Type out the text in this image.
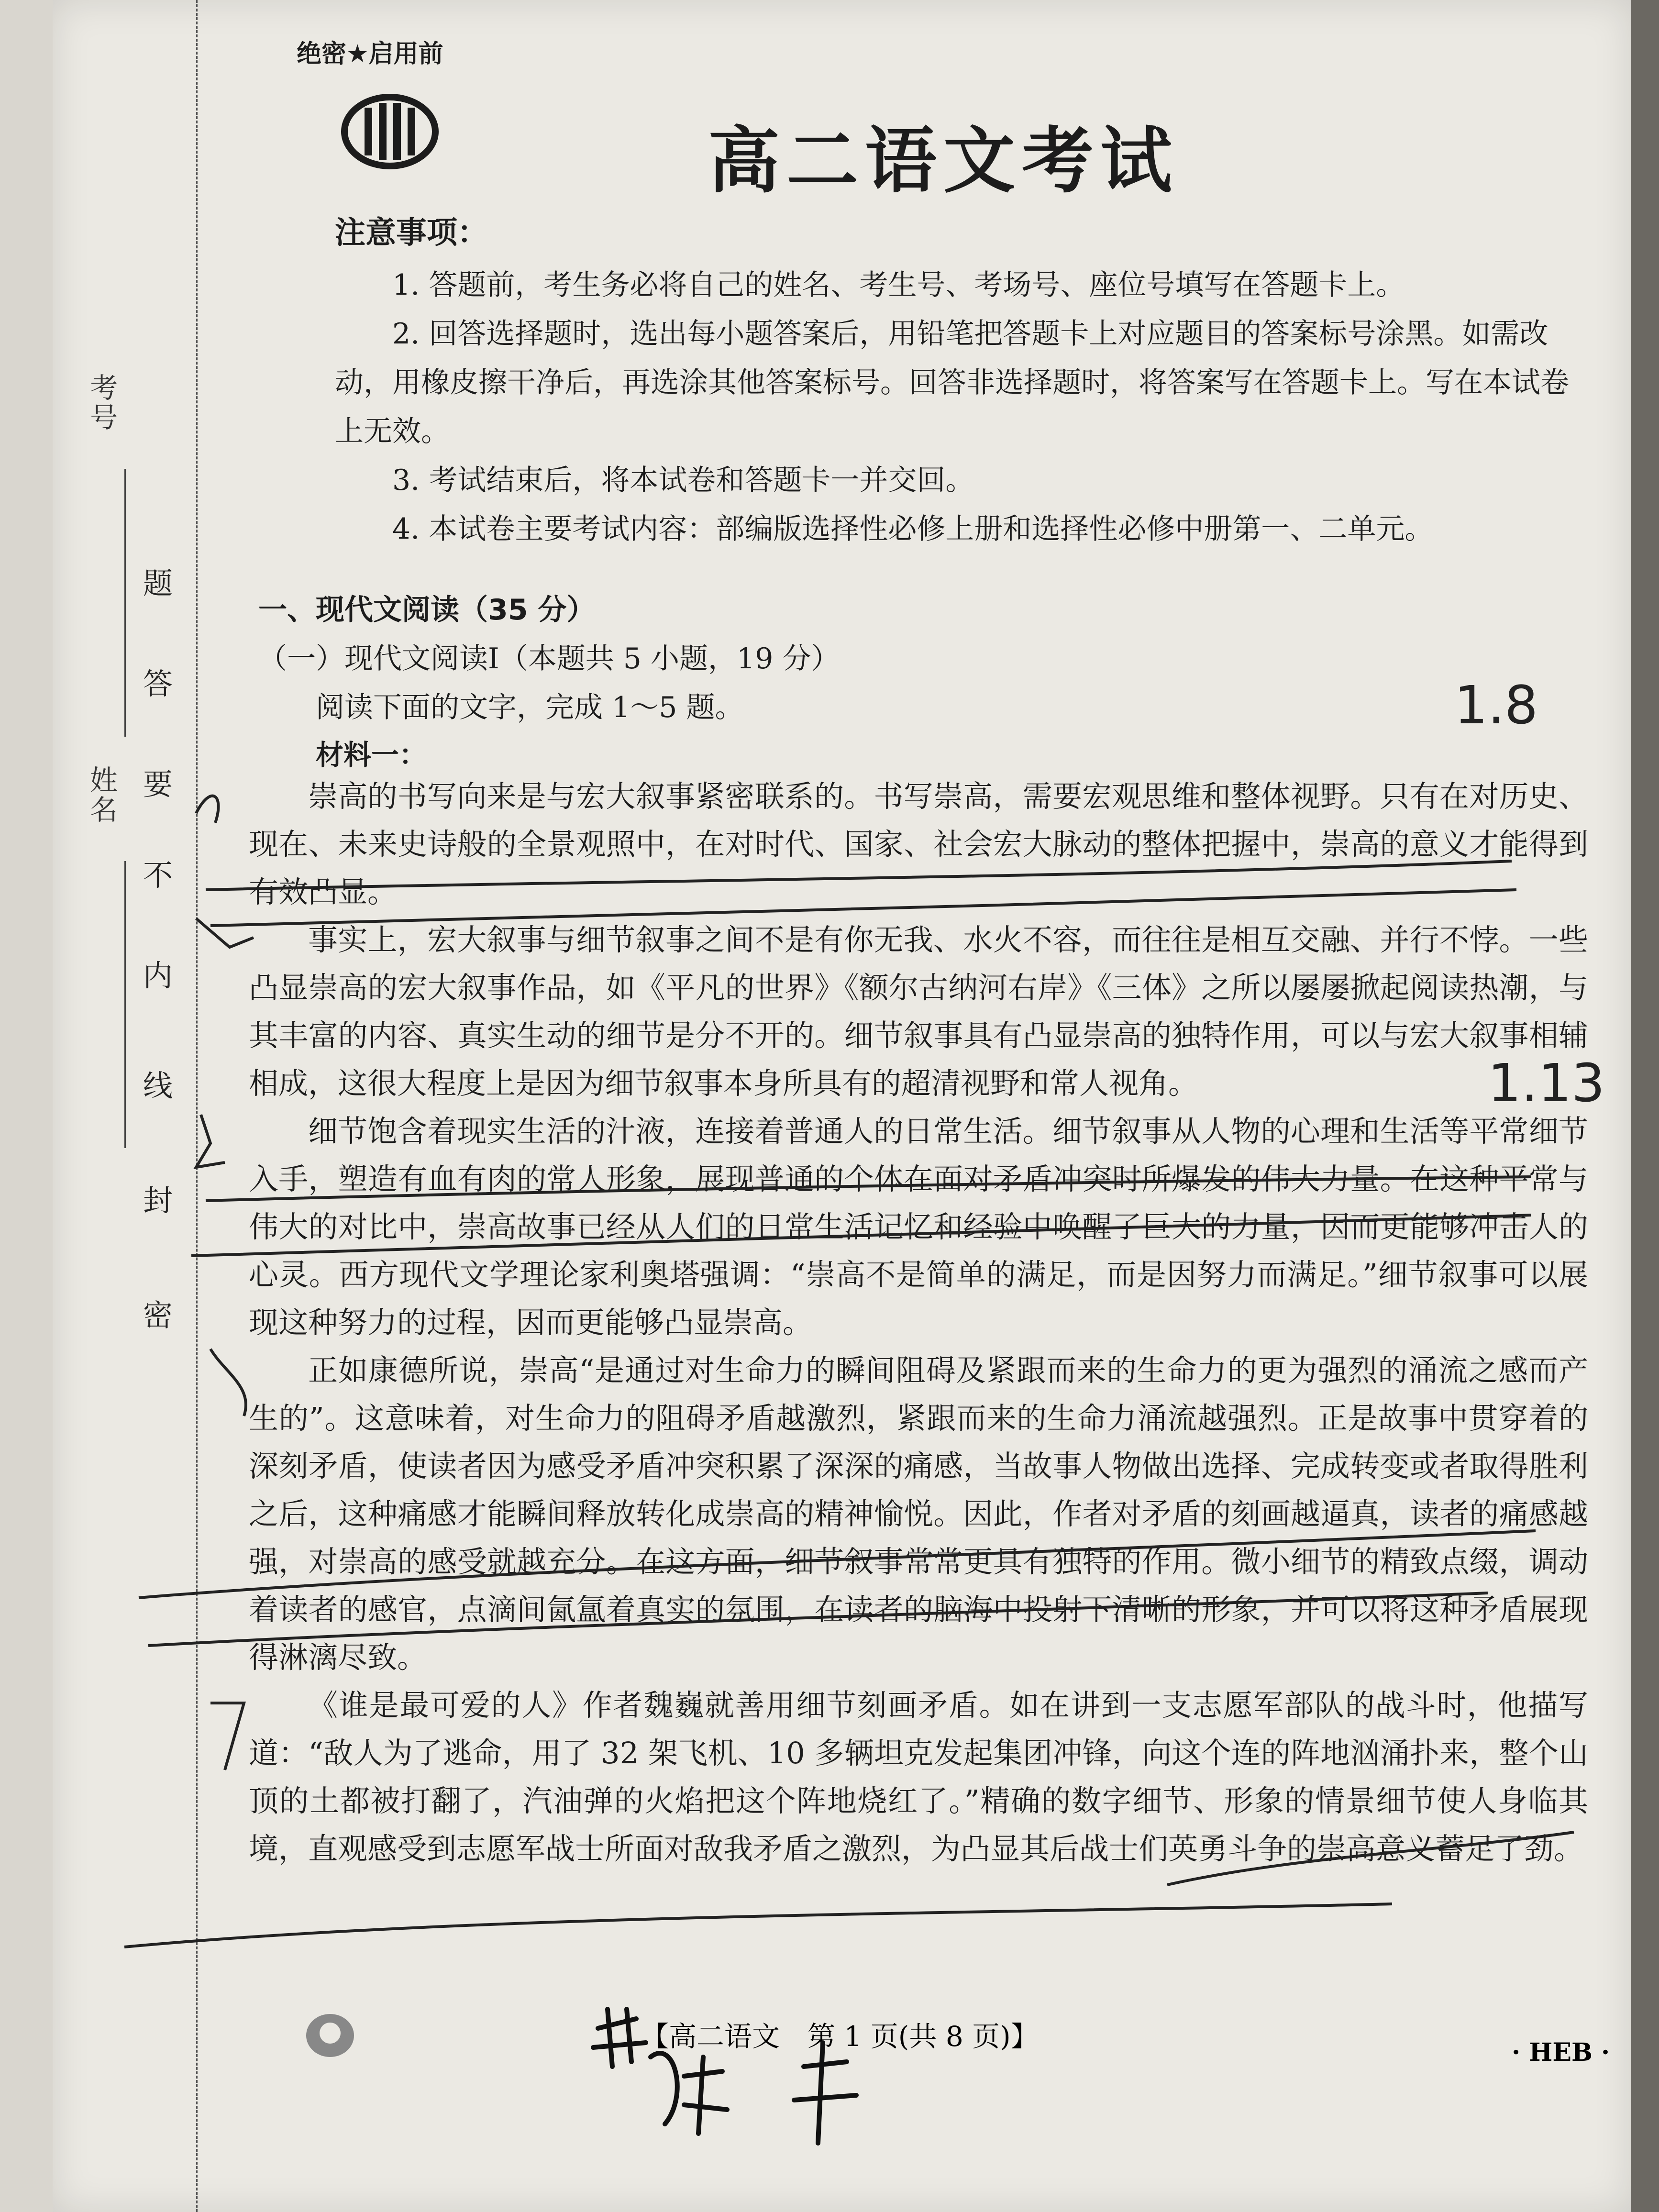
考号
姓名
密
封
线
内
不
要
答
题
绝密★启用前
高二语文考试
注意事项：

1. 答题前，考生务必将自己的姓名、考生号、考场号、座位号填写在答题卡上。

2. 回答选择题时，选出每小题答案后，用铅笔把答题卡上对应题目的答案标号涂黑。如需改动，用橡皮擦干净后，再选涂其他答案标号。回答非选择题时，将答案写在答题卡上。写在本试卷上无效。

3. 考试结束后，将本试卷和答题卡一并交回。

4. 本试卷主要考试内容：部编版选择性必修上册和选择性必修中册第一、二单元。

一、现代文阅读（35 分）
（一）现代文阅读Ⅰ（本题共 5 小题，19 分）
阅读下面的文字，完成 1～5 题。
材料一：

崇高的书写向来是与宏大叙事紧密联系的。书写崇高，需要宏观思维和整体视野。只有在对历史、现在、未来史诗般的全景观照中，在对时代、国家、社会宏大脉动的整体把握中，崇高的意义才能得到有效凸显。

事实上，宏大叙事与细节叙事之间不是有你无我、水火不容，而往往是相互交融、并行不悖。一些凸显崇高的宏大叙事作品，如《平凡的世界》《额尔古纳河右岸》《三体》之所以屡屡掀起阅读热潮，与其丰富的内容、真实生动的细节是分不开的。细节叙事具有凸显崇高的独特作用，可以与宏大叙事相辅相成，这很大程度上是因为细节叙事本身所具有的超清视野和常人视角。

细节饱含着现实生活的汁液，连接着普通人的日常生活。细节叙事从人物的心理和生活等平常细节入手，塑造有血有肉的常人形象，展现普通的个体在面对矛盾冲突时所爆发的伟大力量。在这种平常与伟大的对比中，崇高故事已经从人们的日常生活记忆和经验中唤醒了巨大的力量，因而更能够冲击人的心灵。西方现代文学理论家利奥塔强调：“崇高不是简单的满足，而是因努力而满足。”细节叙事可以展现这种努力的过程，因而更能够凸显崇高。

正如康德所说，崇高“是通过对生命力的瞬间阻碍及紧跟而来的生命力的更为强烈的涌流之感而产生的”。这意味着，对生命力的阻碍矛盾越激烈，紧跟而来的生命力涌流越强烈。正是故事中贯穿着的深刻矛盾，使读者因为感受矛盾冲突积累了深深的痛感，当故事人物做出选择、完成转变或者取得胜利之后，这种痛感才能瞬间释放转化成崇高的精神愉悦。因此，作者对矛盾的刻画越逼真，读者的痛感越强，对崇高的感受就越充分。在这方面，细节叙事常常更具有独特的作用。微小细节的精致点缀，调动着读者的感官，点滴间氤氲着真实的氛围，在读者的脑海中投射下清晰的形象，并可以将这种矛盾展现得淋漓尽致。

《谁是最可爱的人》作者魏巍就善用细节刻画矛盾。如在讲到一支志愿军部队的战斗时，他描写道：“敌人为了逃命，用了 32 架飞机、10 多辆坦克发起集团冲锋，向这个连的阵地汹涌扑来，整个山顶的土都被打翻了，汽油弹的火焰把这个阵地烧红了。”精确的数字细节、形象的情景细节使人身临其境，直观感受到志愿军战士所面对敌我矛盾之激烈，为凸显其后战士们英勇斗争的崇高意义蓄足了劲。

1.8
1.13
【高二语文　第 1 页(共 8 页)】	· HEB ·
